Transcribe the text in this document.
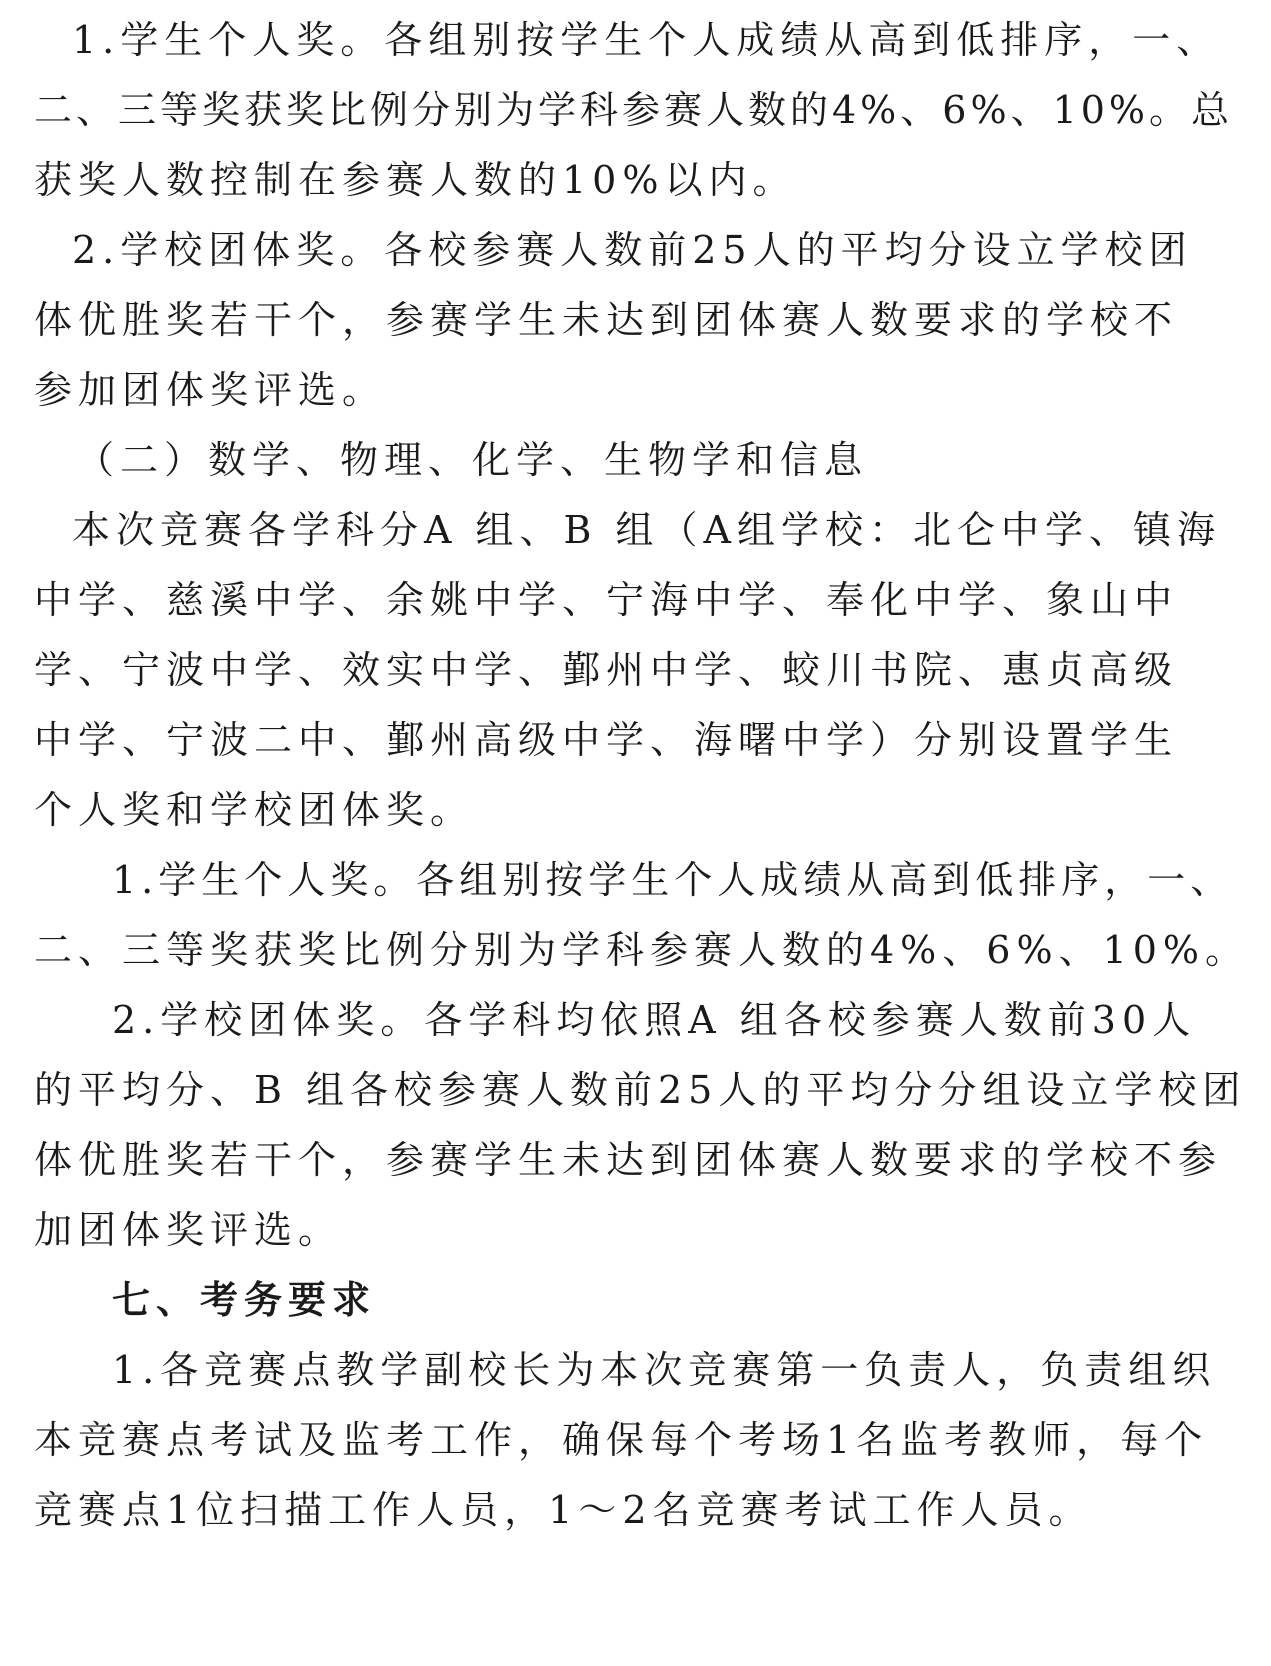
1.学生个人奖。各组别按学生个人成绩从高到低排序，一、
二、三等奖获奖比例分别为学科参赛人数的4%、6%、10%。总
获奖人数控制在参赛人数的10%以内。
2.学校团体奖。各校参赛人数前25人的平均分设立学校团
体优胜奖若干个，参赛学生未达到团体赛人数要求的学校不
参加团体奖评选。
（二）数学、物理、化学、生物学和信息
本次竞赛各学科分A 组、B 组（A组学校：北仑中学、镇海
中学、慈溪中学、余姚中学、宁海中学、奉化中学、象山中
学、宁波中学、效实中学、鄞州中学、蛟川书院、惠贞高级
中学、宁波二中、鄞州高级中学、海曙中学）分别设置学生
个人奖和学校团体奖。
1.学生个人奖。各组别按学生个人成绩从高到低排序，一、
二、三等奖获奖比例分别为学科参赛人数的4%、6%、10%。
2.学校团体奖。各学科均依照A 组各校参赛人数前30人
的平均分、B 组各校参赛人数前25人的平均分分组设立学校团
体优胜奖若干个，参赛学生未达到团体赛人数要求的学校不参
加团体奖评选。
七、考务要求
1.各竞赛点教学副校长为本次竞赛第一负责人，负责组织
本竞赛点考试及监考工作，确保每个考场1名监考教师，每个
竞赛点1位扫描工作人员，1～2名竞赛考试工作人员。
